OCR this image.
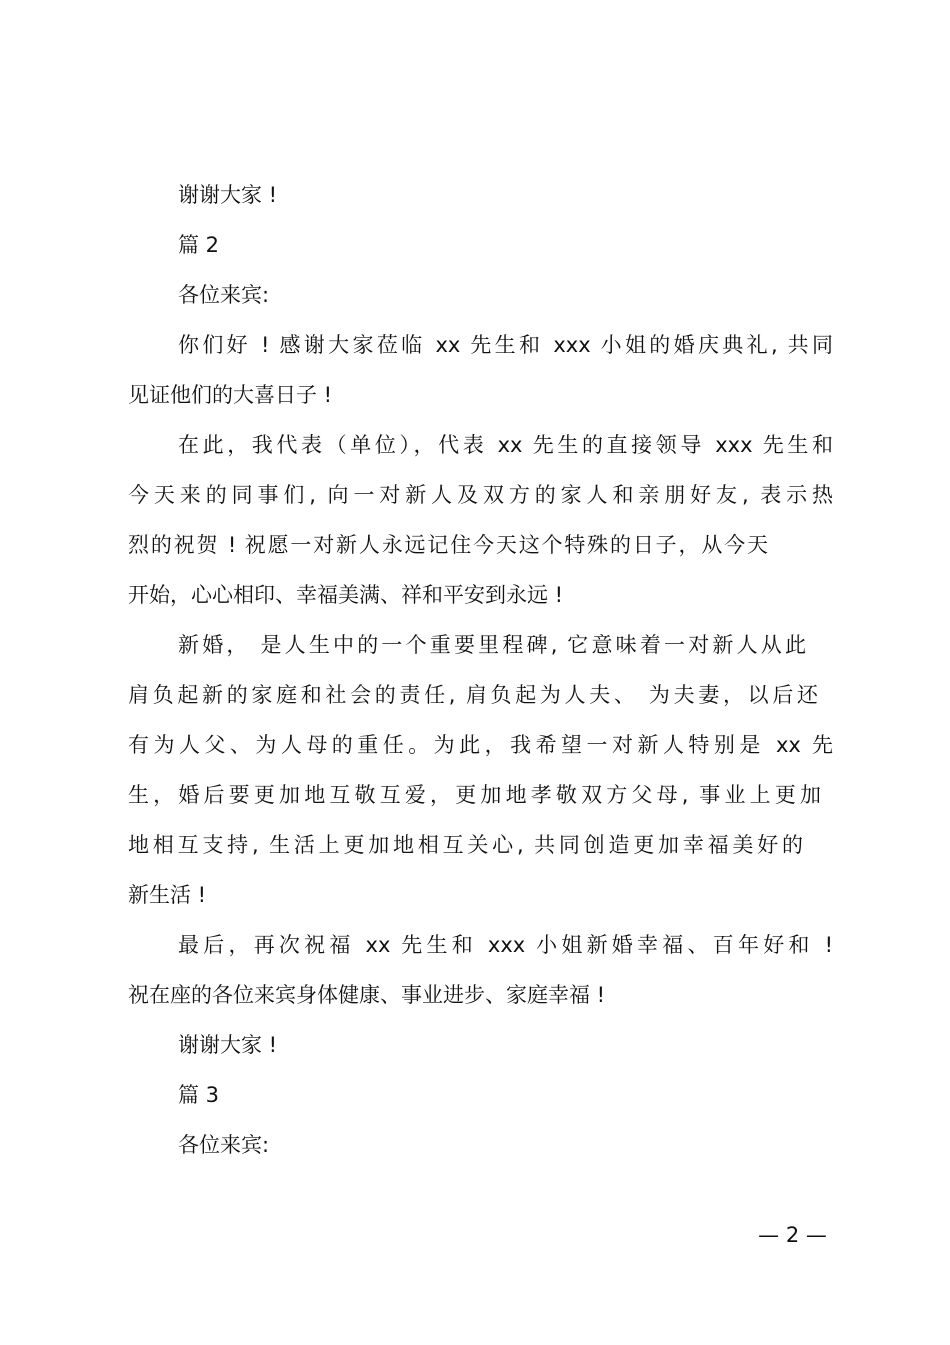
谢谢大家 !
篇 2
各位来宾:
你们好 ! 感谢大家莅临 xx 先生和 xxx 小姐的婚庆典礼, 共同
见证他们的大喜日子 !
在此，我代表（单位），代表 xx 先生的直接领导 xxx 先生和
今天来的同事们, 向一对新人及双方的家人和亲朋好友, 表示热
烈的祝贺 ! 祝愿一对新人永远记住今天这个特殊的日子，从今天
开始，心心相印、幸福美满、祥和平安到永远 !
新婚， 是人生中的一个重要里程碑, 它意味着一对新人从此
肩负起新的家庭和社会的责任, 肩负起为人夫、 为夫妻，以后还
有为人父、为人母的重任。为此，我希望一对新人特别是 xx 先
生，婚后要更加地互敬互爱，更加地孝敬双方父母, 事业上更加
地相互支持, 生活上更加地相互关心, 共同创造更加幸福美好的
新生活 !
最后，再次祝福 xx 先生和 xxx 小姐新婚幸福、百年好和 !
祝在座的各位来宾身体健康、事业进步、家庭幸福 !
谢谢大家 !
篇 3
各位来宾:
— 2 —
